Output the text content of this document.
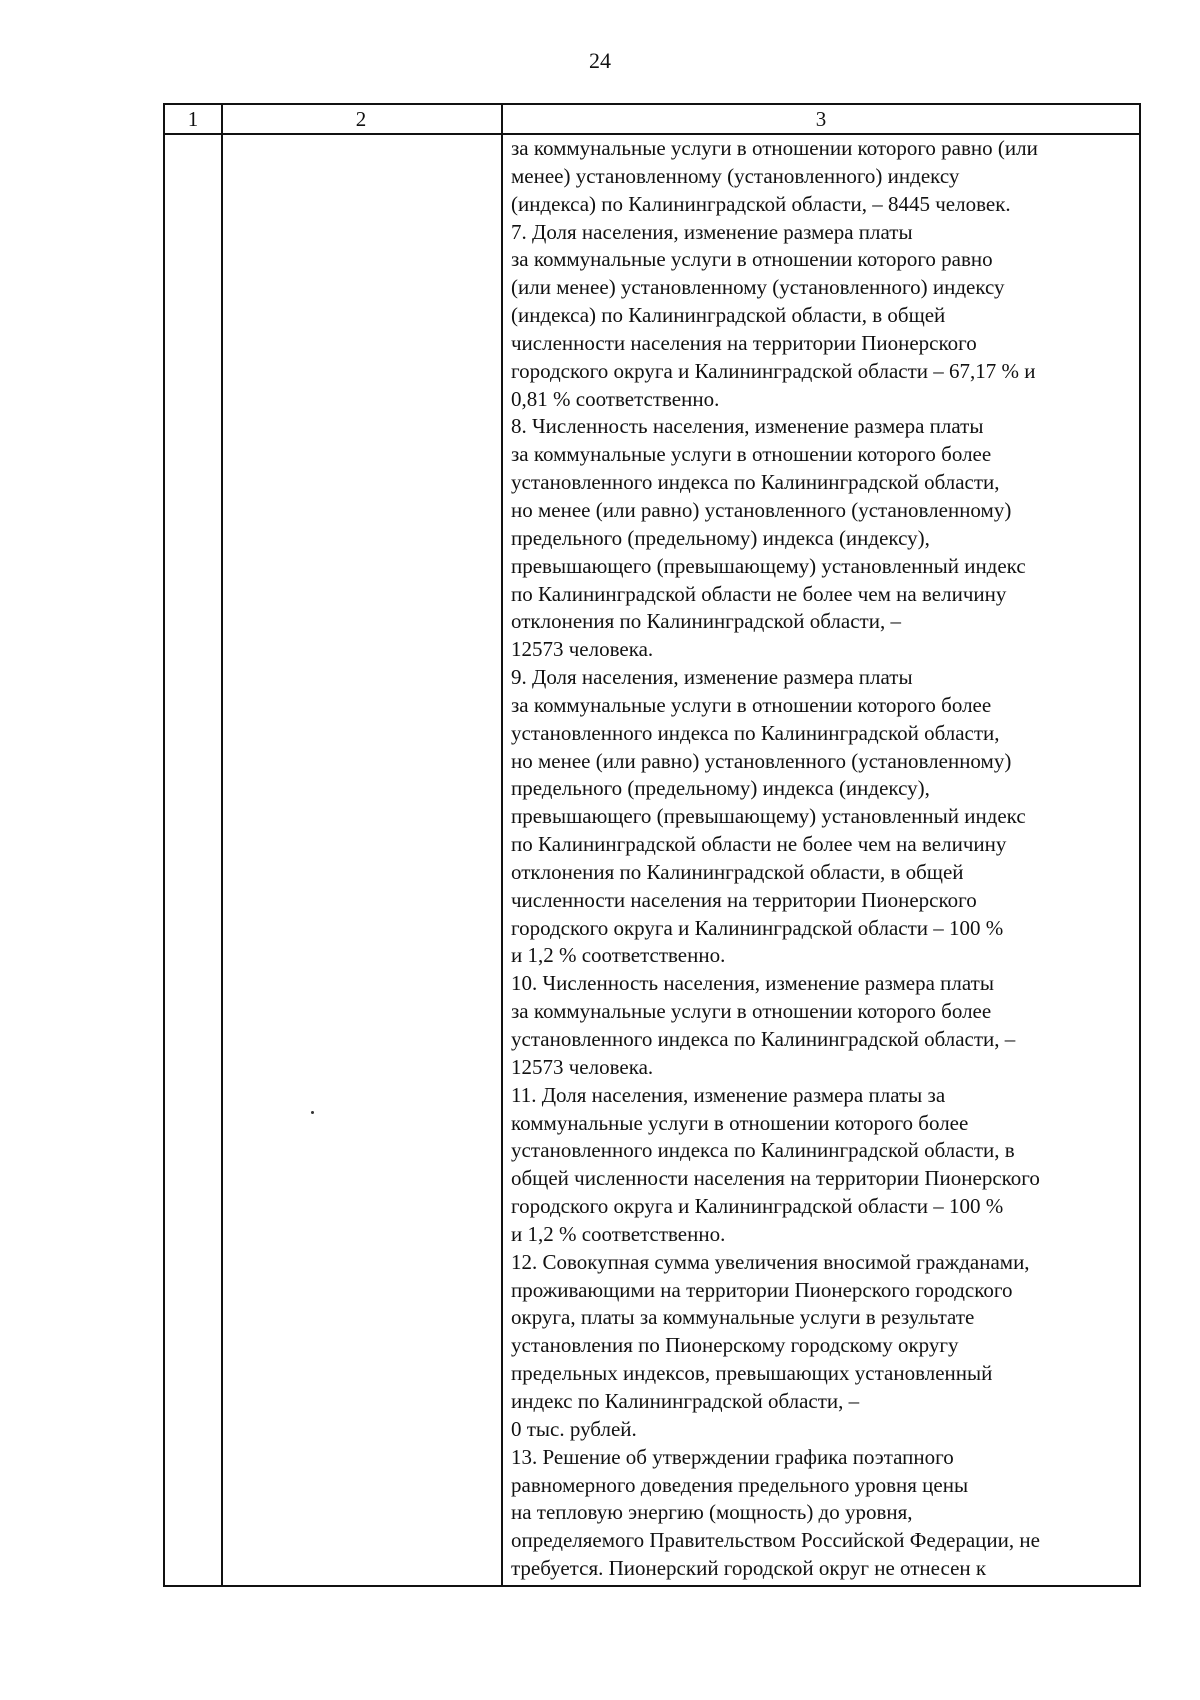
24
1	2	3
за коммунальные услуги в отношении которого равно (или
менее) установленному (установленного) индексу
(индекса) по Калининградской области, – 8445 человек.
7. Доля населения, изменение размера платы
за коммунальные услуги в отношении которого равно
(или менее) установленному (установленного) индексу
(индекса) по Калининградской области, в общей
численности населения на территории Пионерского
городского округа и Калининградской области – 67,17 % и
0,81 % соответственно.
8. Численность населения, изменение размера платы
за коммунальные услуги в отношении которого более
установленного индекса по Калининградской области,
но менее (или равно) установленного (установленному)
предельного (предельному) индекса (индексу),
превышающего (превышающему) установленный индекс
по Калининградской области не более чем на величину
отклонения по Калининградской области, –
12573 человека.
9. Доля населения, изменение размера платы
за коммунальные услуги в отношении которого более
установленного индекса по Калининградской области,
но менее (или равно) установленного (установленному)
предельного (предельному) индекса (индексу),
превышающего (превышающему) установленный индекс
по Калининградской области не более чем на величину
отклонения по Калининградской области, в общей
численности населения на территории Пионерского
городского округа и Калининградской области – 100 %
и 1,2 % соответственно.
10. Численность населения, изменение размера платы
за коммунальные услуги в отношении которого более
установленного индекса по Калининградской области, –
12573 человека.
11. Доля населения, изменение размера платы за
коммунальные услуги в отношении которого более
установленного индекса по Калининградской области, в
общей численности населения на территории Пионерского
городского округа и Калининградской области – 100 %
и 1,2 % соответственно.
12. Совокупная сумма увеличения вносимой гражданами,
проживающими на территории Пионерского городского
округа, платы за коммунальные услуги в результате
установления по Пионерскому городскому округу
предельных индексов, превышающих установленный
индекс по Калининградской области, –
0 тыс. рублей.
13. Решение об утверждении графика поэтапного
равномерного доведения предельного уровня цены
на тепловую энергию (мощность) до уровня,
определяемого Правительством Российской Федерации, не
требуется. Пионерский городской округ не отнесен к
